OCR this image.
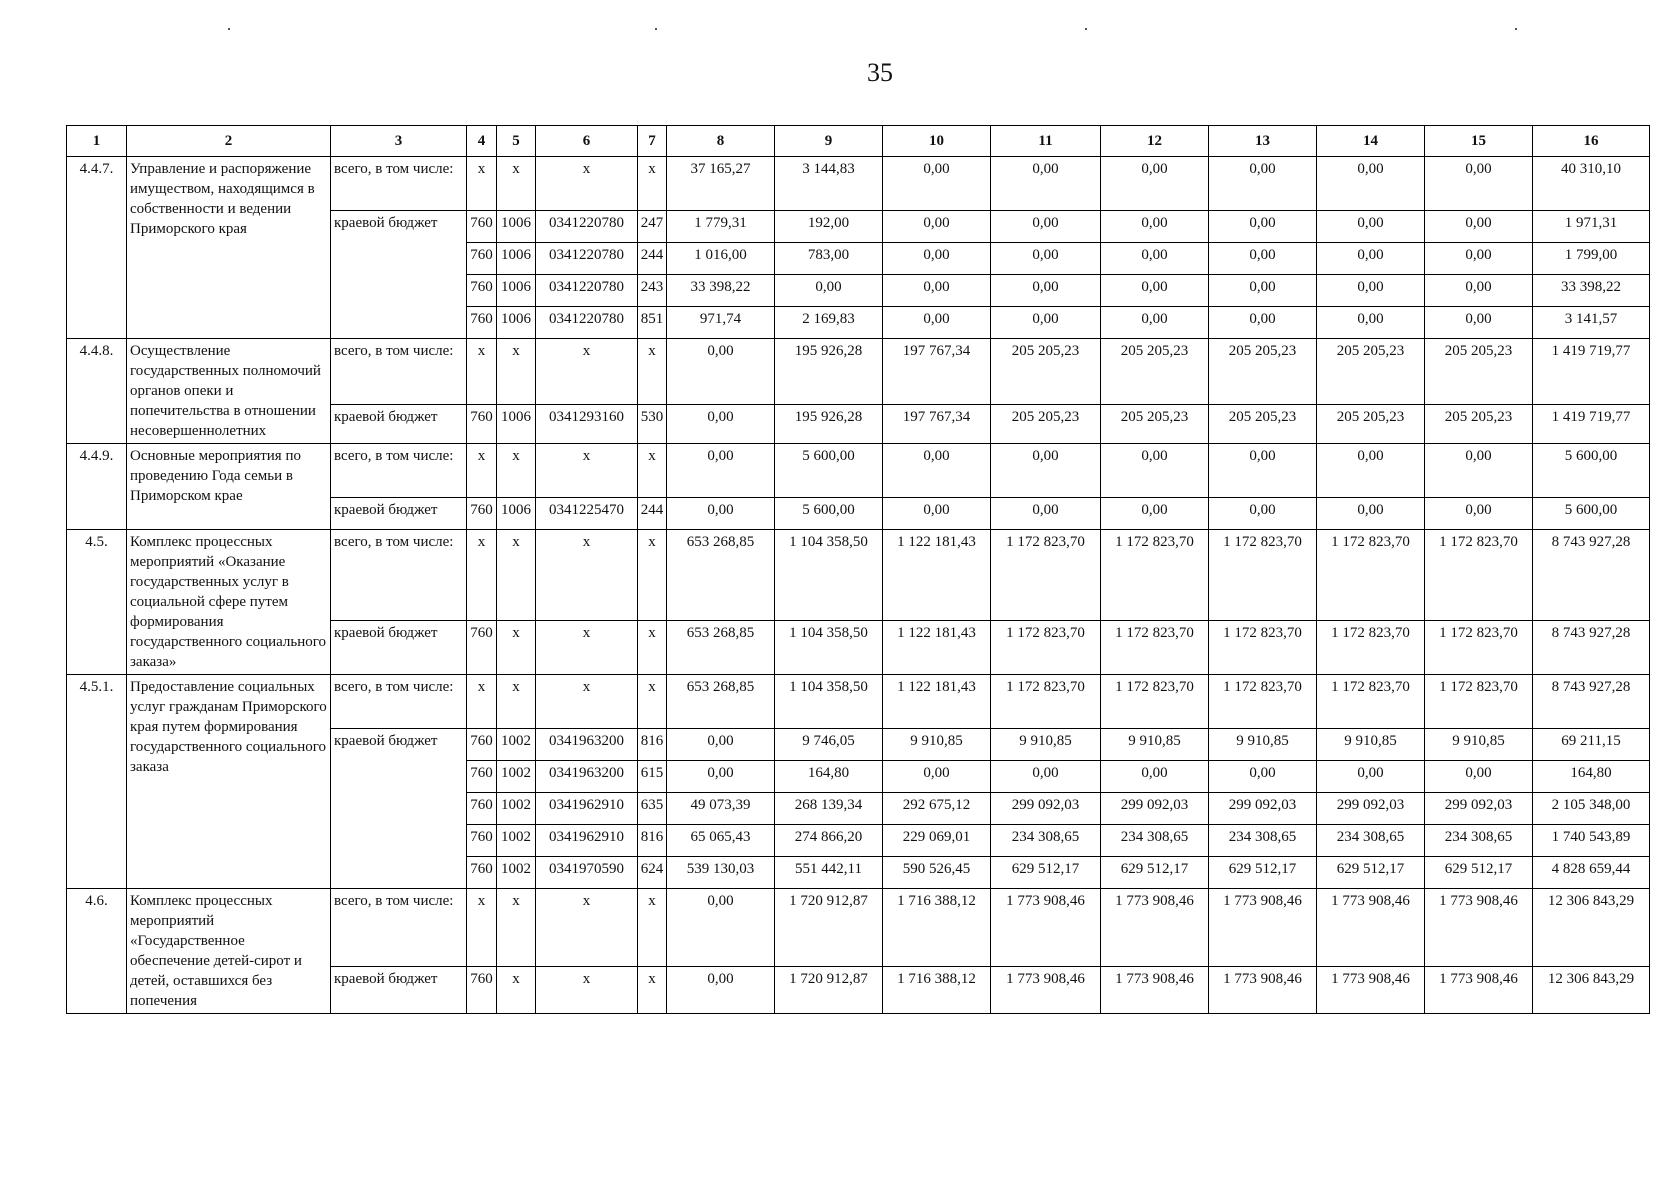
35
1	2	3	4	5	6	7	8	9	10	11	12	13	14	15	16
4.4.7.	Управление и распоряжение имуществом, находящимся в собственности и ведении Приморского края	всего, в том числе:	x	x	x	x	37 165,27	3 144,83	0,00	0,00	0,00	0,00	0,00	0,00	40 310,10
		краевой бюджет	760	1006	0341220780	247	1 779,31	192,00	0,00	0,00	0,00	0,00	0,00	0,00	1 971,31
			760	1006	0341220780	244	1 016,00	783,00	0,00	0,00	0,00	0,00	0,00	0,00	1 799,00
			760	1006	0341220780	243	33 398,22	0,00	0,00	0,00	0,00	0,00	0,00	0,00	33 398,22
			760	1006	0341220780	851	971,74	2 169,83	0,00	0,00	0,00	0,00	0,00	0,00	3 141,57
4.4.8.	Осуществление государственных полномочий органов опеки и попечительства в отношении несовершеннолетних	всего, в том числе:	x	x	x	x	0,00	195 926,28	197 767,34	205 205,23	205 205,23	205 205,23	205 205,23	205 205,23	1 419 719,77
		краевой бюджет	760	1006	0341293160	530	0,00	195 926,28	197 767,34	205 205,23	205 205,23	205 205,23	205 205,23	205 205,23	1 419 719,77
4.4.9.	Основные мероприятия по проведению Года семьи в Приморском крае	всего, в том числе:	x	x	x	x	0,00	5 600,00	0,00	0,00	0,00	0,00	0,00	0,00	5 600,00
		краевой бюджет	760	1006	0341225470	244	0,00	5 600,00	0,00	0,00	0,00	0,00	0,00	0,00	5 600,00
4.5.	Комплекс процессных мероприятий «Оказание государственных услуг в социальной сфере путем формирования государственного социального заказа»	всего, в том числе:	x	x	x	x	653 268,85	1 104 358,50	1 122 181,43	1 172 823,70	1 172 823,70	1 172 823,70	1 172 823,70	1 172 823,70	8 743 927,28
		краевой бюджет	760	x	x	x	653 268,85	1 104 358,50	1 122 181,43	1 172 823,70	1 172 823,70	1 172 823,70	1 172 823,70	1 172 823,70	8 743 927,28
4.5.1.	Предоставление социальных услуг гражданам Приморского края путем формирования государственного социального заказа	всего, в том числе:	x	x	x	x	653 268,85	1 104 358,50	1 122 181,43	1 172 823,70	1 172 823,70	1 172 823,70	1 172 823,70	1 172 823,70	8 743 927,28
		краевой бюджет	760	1002	0341963200	816	0,00	9 746,05	9 910,85	9 910,85	9 910,85	9 910,85	9 910,85	9 910,85	69 211,15
			760	1002	0341963200	615	0,00	164,80	0,00	0,00	0,00	0,00	0,00	0,00	164,80
			760	1002	0341962910	635	49 073,39	268 139,34	292 675,12	299 092,03	299 092,03	299 092,03	299 092,03	299 092,03	2 105 348,00
			760	1002	0341962910	816	65 065,43	274 866,20	229 069,01	234 308,65	234 308,65	234 308,65	234 308,65	234 308,65	1 740 543,89
			760	1002	0341970590	624	539 130,03	551 442,11	590 526,45	629 512,17	629 512,17	629 512,17	629 512,17	629 512,17	4 828 659,44
4.6.	Комплекс процессных мероприятий «Государственное обеспечение детей-сирот и детей, оставшихся без попечения	всего, в том числе:	x	x	x	x	0,00	1 720 912,87	1 716 388,12	1 773 908,46	1 773 908,46	1 773 908,46	1 773 908,46	1 773 908,46	12 306 843,29
		краевой бюджет	760	x	x	x	0,00	1 720 912,87	1 716 388,12	1 773 908,46	1 773 908,46	1 773 908,46	1 773 908,46	1 773 908,46	12 306 843,29
